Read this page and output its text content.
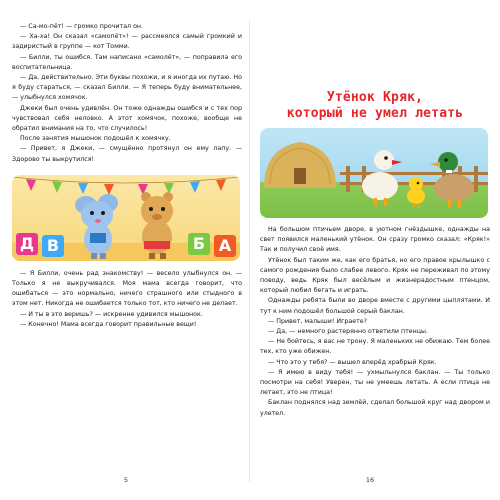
— Са-мо-пёт! — громко прочитал он.

— Ха-ха! Он сказал «самопёт»! — рассмеялся самый громкий и задиристый в группе — кот Томми.

— Билли, ты ошибся. Там написано «самолёт», — поправила его воспитательница.

— Да, действительно. Эти буквы похожи, и я иногда их путаю. Но я буду стараться, — сказал Билли. — Я теперь буду внимательнее, — улыбнулся хомячок.

Джеки был очень удивлён. Он тоже однажды ошибся и с тех пор чувствовал себя неловко. А этот хомячок, похоже, вообще не обратил внимания на то, что случилось!

После занятия мышонок подошёл к хомячку.

— Привет, я Джеки, — смущённо протянул он ему лапу. — Здорово ты выкрутился!

Д В	Б А

— Я Билли, очень рад знакомству! — весело улыбнулся он. — Только я не выкручивался. Моя мама всегда говорит, что ошибаться — это нормально, ничего страшного или стыдного в этом нет. Никогда не ошибается только тот, кто ничего не делает.

— И ты в это веришь? — искренне удивился мышонок.

— Конечно! Мама всегда говорит правильные вещи!

5
Утёнок Кряк,
который не умел летать

На большом птичьем дворе, в уютном гнёздышке, однажды на свет появился маленький утёнок. Он сразу громко сказал: «Кряк!» Так и получил своё имя.

Утёнок был таким же, как его братья, но его правое крылышко с самого рождения было слабее левого. Кряк не переживал по этому поводу, ведь Кряк был весёлым и жизнерадостным птенцом, который любил бегать и играть.

Однажды ребята были во дворе вместе с другими цыплятами. И тут к ним подошёл большой серый баклан.

— Привет, малыши! Играете?

— Да, — немного растерянно ответили птенцы.

— Не бойтесь, я вас не трону. Я маленьких не обижаю. Тем более тех, кто уже обижен.

— Что это у тебя? — вышел вперёд храбрый Кряк.

— Я имею в виду тебя! — ухмыльнулся баклан. — Ты только посмотри на себя! Уверен, ты не умеешь летать. А если птица не летает, это не птица!

Баклан поднялся над землёй, сделал большой круг над двором и улетел.

16
